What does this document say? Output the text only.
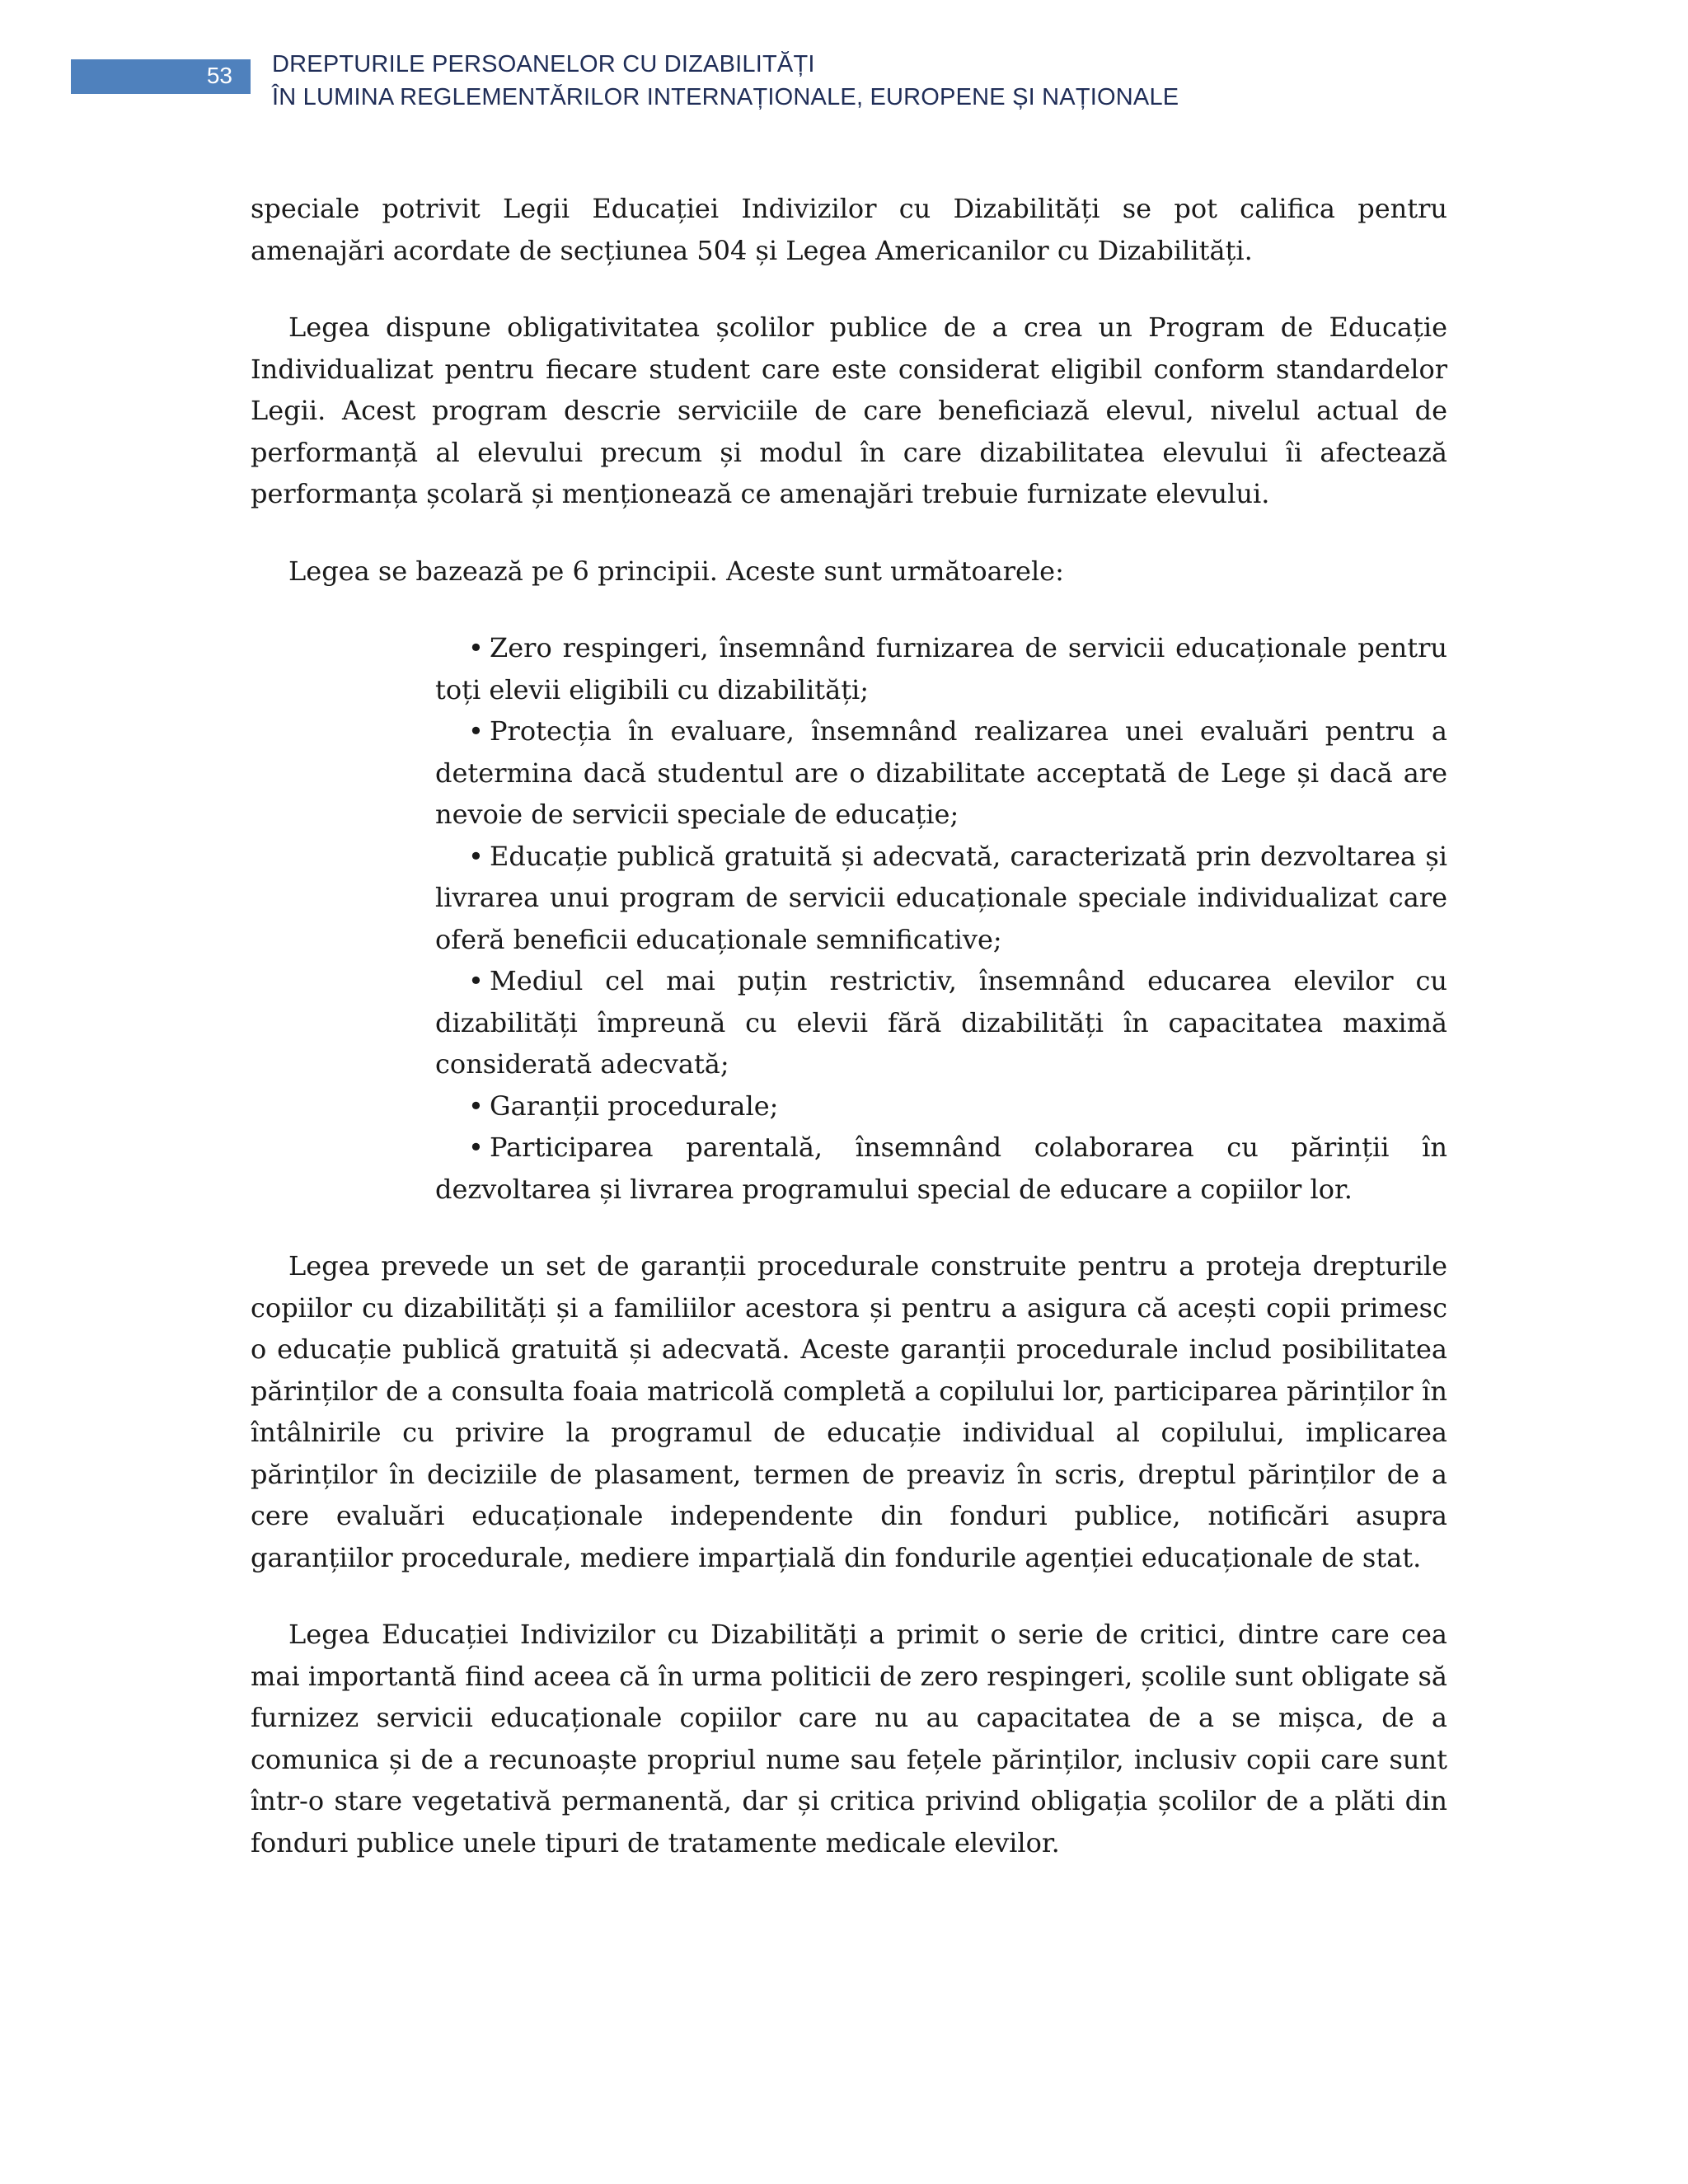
53 DREPTURILE PERSOANELOR CU DIZABILITĂȚI
ÎN LUMINA REGLEMENTĂRILOR INTERNAȚIONALE, EUROPENE ȘI NAȚIONALE

speciale potrivit Legii Educației Indivizilor cu Dizabilități se pot califica pentru amenajări acordate de secțiunea 504 și Legea Americanilor cu Dizabilități.

Legea dispune obligativitatea școlilor publice de a crea un Program de Educație Individualizat pentru fiecare student care este considerat eligibil conform standardelor Legii. Acest program descrie serviciile de care beneficiază elevul, nivelul actual de performanță al elevului precum și modul în care dizabilitatea elevului îi afectează performanța școlară și menționează ce amenajări trebuie furnizate elevului.

Legea se bazează pe 6 principii. Aceste sunt următoarele:

• Zero respingeri, însemnând furnizarea de servicii educaționale pentru toți elevii eligibili cu dizabilități;
• Protecția în evaluare, însemnând realizarea unei evaluări pentru a determina dacă studentul are o dizabilitate acceptată de Lege și dacă are nevoie de servicii speciale de educație;
• Educație publică gratuită și adecvată, caracterizată prin dezvoltarea și livrarea unui program de servicii educaționale speciale individualizat care oferă beneficii educaționale semnificative;
• Mediul cel mai puțin restrictiv, însemnând educarea elevilor cu dizabilități împreună cu elevii fără dizabilități în capacitatea maximă considerată adecvată;
• Garanții procedurale;
• Participarea parentală, însemnând colaborarea cu părinții în dezvoltarea și livrarea programului special de educare a copiilor lor.

Legea prevede un set de garanții procedurale construite pentru a proteja drepturile copiilor cu dizabilități și a familiilor acestora și pentru a asigura că acești copii primesc o educație publică gratuită și adecvată. Aceste garanții procedurale includ posibilitatea părinților de a consulta foaia matricolă completă a copilului lor, participarea părinților în întâlnirile cu privire la programul de educație individual al copilului, implicarea părinților în deciziile de plasament, termen de preaviz în scris, dreptul părinților de a cere evaluări educaționale independente din fonduri publice, notificări asupra garanțiilor procedurale, mediere imparțială din fondurile agenției educaționale de stat.

Legea Educației Indivizilor cu Dizabilități a primit o serie de critici, dintre care cea mai importantă fiind aceea că în urma politicii de zero respingeri, școlile sunt obligate să furnizez servicii educaționale copiilor care nu au capacitatea de a se mișca, de a comunica și de a recunoaște propriul nume sau fețele părinților, inclusiv copii care sunt într-o stare vegetativă permanentă, dar și critica privind obligația școlilor de a plăti din fonduri publice unele tipuri de tratamente medicale elevilor.
